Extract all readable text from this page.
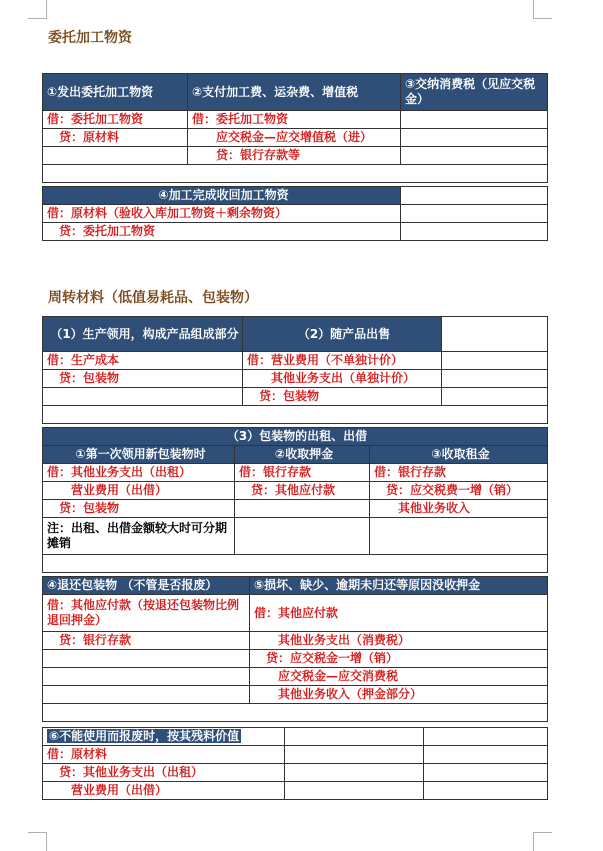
委托加工物资
①发出委托加工物资	②支付加工费、运杂费、增值税	③交纳消费税（见应交税金）
借：委托加工物资	借：委托加工物资	
　贷：原材料	　　应交税金—应交增值税（进）	
	　　贷：银行存款等	

④加工完成收回加工物资	
借：原材料（验收入库加工物资＋剩余物资）	
　贷：委托加工物资	
周转材料（低值易耗品、包装物）
（1）生产领用，构成产品组成部分	（2）随产品出售	
借：生产成本	借：营业费用（不单独计价）	
　贷：包装物	　　其他业务支出（单独计价）	
	　贷：包装物	

（3）包装物的出租、出借		
①第一次领用新包装物时	②收取押金	③收取租金
借：其他业务支出（出租）	借：银行存款	借：银行存款
　　营业费用（出借）	　贷：其他应付款	　贷：应交税费一增（销）
　贷：包装物		　　其他业务收入
注：出租、出借金额较大时可分期摊销		

④退还包装物 （不管是否报废）	⑤损坏、缺少、逾期未归还等原因没收押金
借：其他应付款（按退还包装物比例退回押金）	借：其他应付款
　贷：银行存款	　　其他业务支出（消费税）
	　贷：应交税金一增（销）
	　　应交税金—应交消费税
	　　其他业务收入（押金部分）

⑥不能使用而报废时，按其残料价值		
借：原材料		
　贷：其他业务支出（出租）		
　　营业费用（出借）		
